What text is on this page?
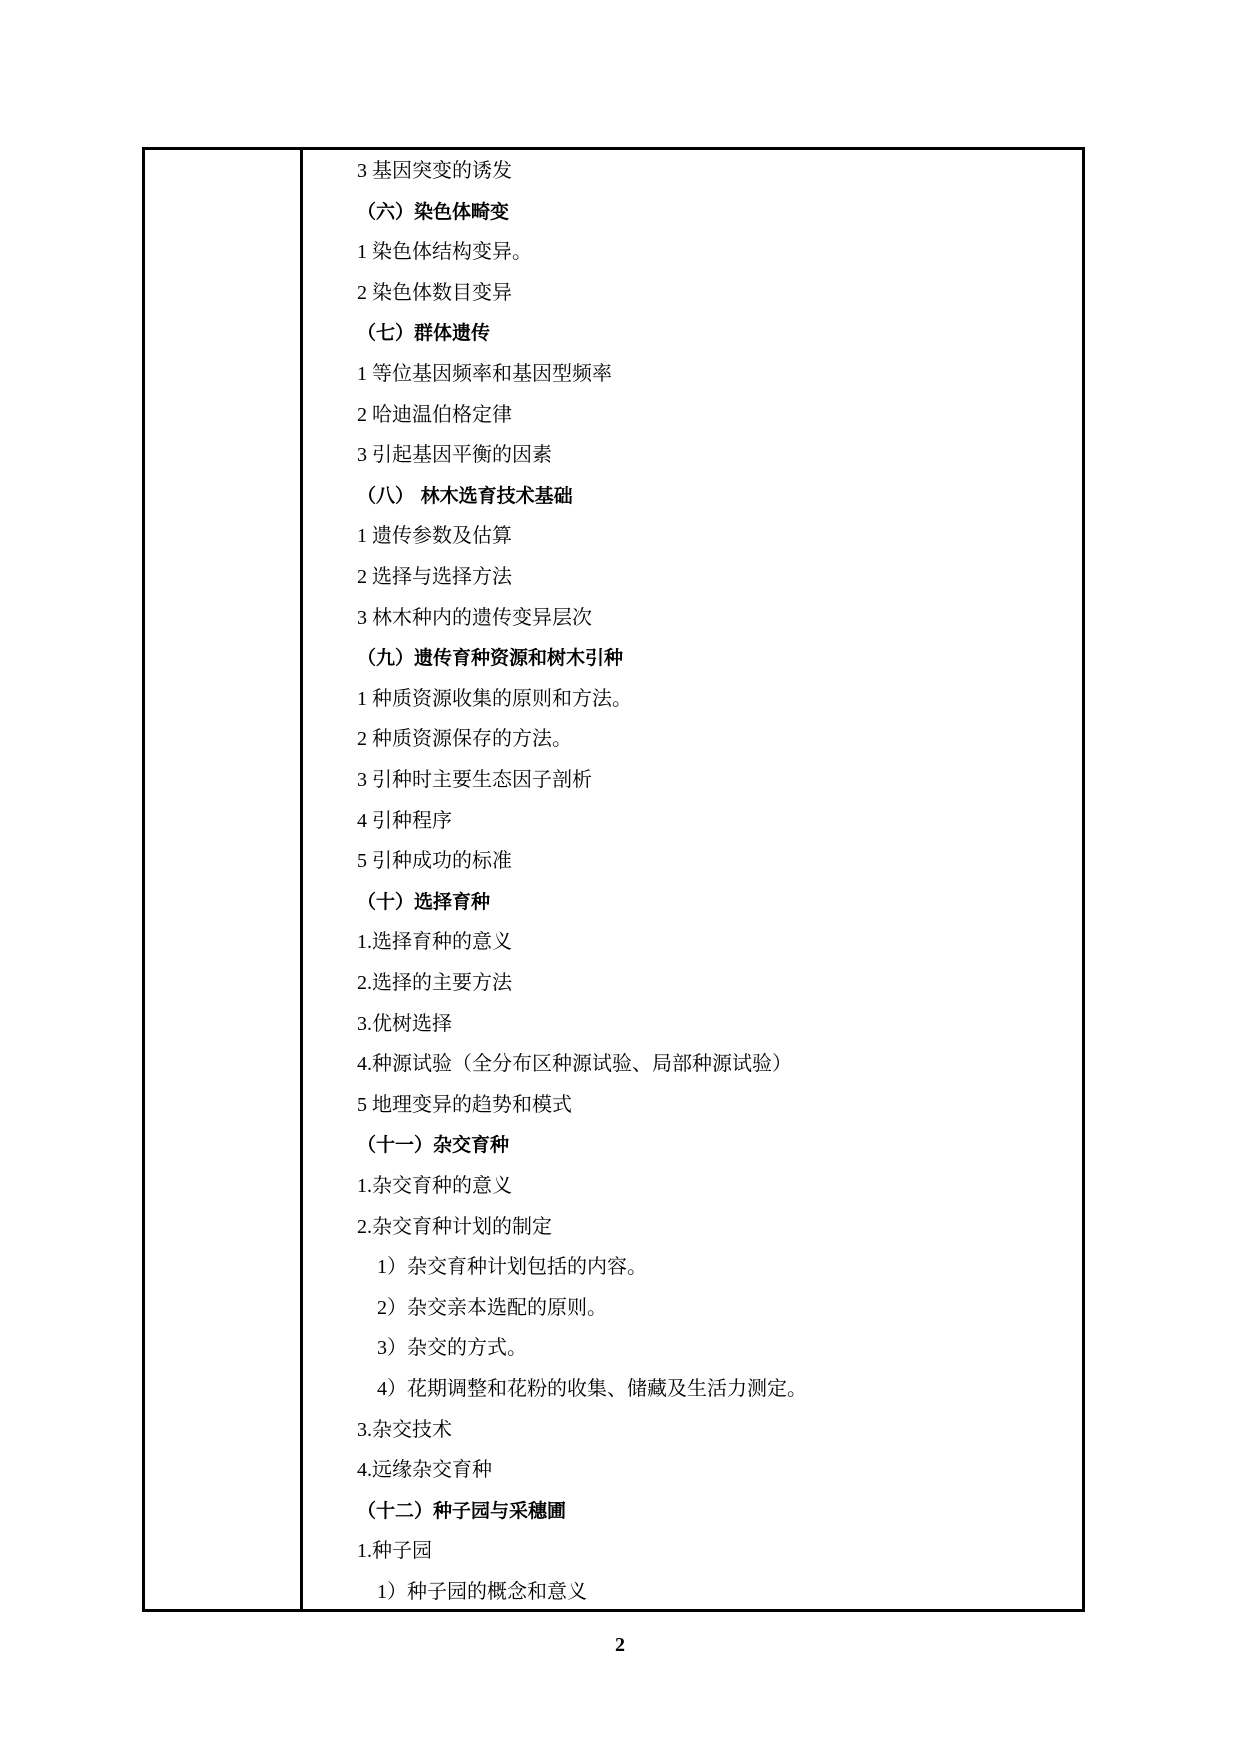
3 基因突变的诱发
（六）染色体畸变
1 染色体结构变异。
2 染色体数目变异
（七）群体遗传
1 等位基因频率和基因型频率
2 哈迪温伯格定律
3 引起基因平衡的因素
（八） 林木选育技术基础
1 遗传参数及估算
2 选择与选择方法
3 林木种内的遗传变异层次
（九）遗传育种资源和树木引种
1 种质资源收集的原则和方法。
2 种质资源保存的方法。
3 引种时主要生态因子剖析
4 引种程序
5 引种成功的标准
（十）选择育种
1.选择育种的意义
2.选择的主要方法
3.优树选择
4.种源试验（全分布区种源试验、局部种源试验）
5 地理变异的趋势和模式
（十一）杂交育种
1.杂交育种的意义
2.杂交育种计划的制定
1）杂交育种计划包括的内容。
2）杂交亲本选配的原则。
3）杂交的方式。
4）花期调整和花粉的收集、储藏及生活力测定。
3.杂交技术
4.远缘杂交育种
（十二）种子园与采穗圃
1.种子园
1）种子园的概念和意义
2
